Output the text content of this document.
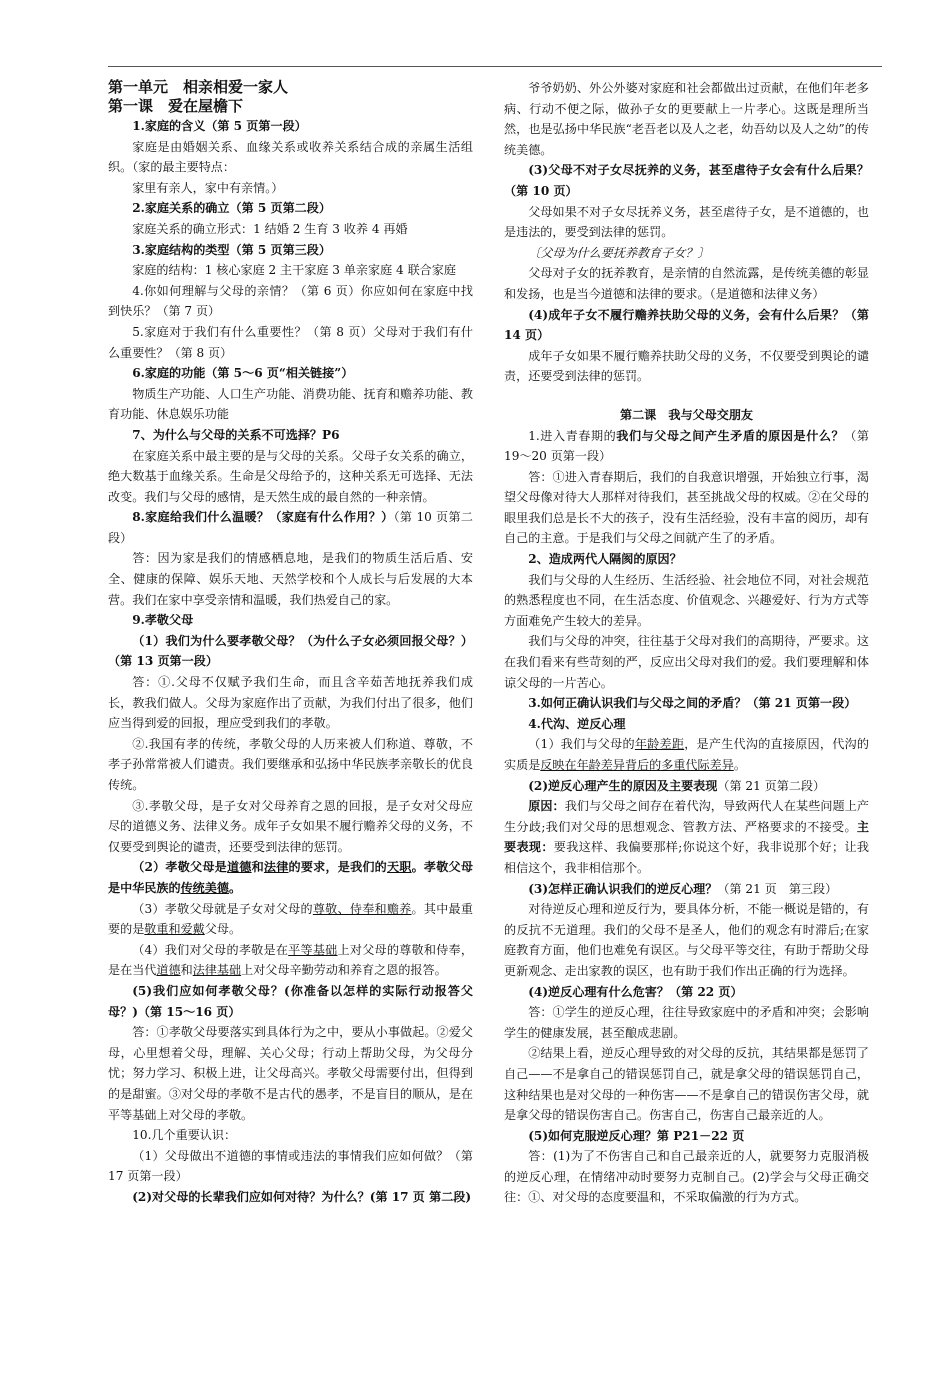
第一单元　相亲相爱一家人

第一课　爱在屋檐下

1.家庭的含义（第 5 页第一段）

家庭是由婚姻关系、血缘关系或收养关系结合成的亲属生活组织。（家的最主要特点：

家里有亲人，家中有亲情。）

2.家庭关系的确立（第 5 页第二段）

家庭关系的确立形式：1 结婚 2 生育 3 收养 4 再婚

3.家庭结构的类型（第 5 页第三段）

家庭的结构：1 核心家庭 2 主干家庭 3 单亲家庭 4 联合家庭

4.你如何理解与父母的亲情？（第 6 页）你应如何在家庭中找到快乐？（第 7 页）

5.家庭对于我们有什么重要性？（第 8 页）父母对于我们有什么重要性？（第 8 页）

6.家庭的功能（第 5～6 页“相关链接”）

物质生产功能、人口生产功能、消费功能、抚育和赡养功能、教育功能、休息娱乐功能

7、为什么与父母的关系不可选择？P6

在家庭关系中最主要的是与父母的关系。父母子女关系的确立，绝大数基于血缘关系。生命是父母给予的，这种关系无可选择、无法改变。我们与父母的感情，是天然生成的最自然的一种亲情。

8.家庭给我们什么温暖？（家庭有什么作用？）（第 10 页第二段）

答：因为家是我们的情感栖息地，是我们的物质生活后盾、安全、健康的保障、娱乐天地、天然学校和个人成长与后发展的大本营。我们在家中享受亲情和温暖，我们热爱自己的家。

9.孝敬父母

（1）我们为什么要孝敬父母？（为什么子女必须回报父母？）（第 13 页第一段）

答：①.父母不仅赋予我们生命，而且含辛茹苦地抚养我们成长，教我们做人。父母为家庭作出了贡献，为我们付出了很多，他们应当得到爱的回报，理应受到我们的孝敬。

②.我国有孝的传统，孝敬父母的人历来被人们称道、尊敬，不孝子孙常常被人们谴责。我们要继承和弘扬中华民族孝亲敬长的优良传统。

③.孝敬父母，是子女对父母养育之恩的回报，是子女对父母应尽的道德义务、法律义务。成年子女如果不履行赡养父母的义务，不仅要受到舆论的谴责，还要受到法律的惩罚。

（2）孝敬父母是道德和法律的要求，是我们的天职。孝敬父母是中华民族的传统美德。

（3）孝敬父母就是子女对父母的尊敬、侍奉和赡养。其中最重要的是敬重和爱戴父母。

（4）我们对父母的孝敬是在平等基础上对父母的尊敬和侍奉，是在当代道德和法律基础上对父母辛勤劳动和养育之恩的报答。

(5)我们应如何孝敬父母？(你准备以怎样的实际行动报答父母？)（第 15～16 页）

答：①孝敬父母要落实到具体行为之中，要从小事做起。②爱父母，心里想着父母，理解、关心父母；行动上帮助父母，为父母分忧；努力学习、积极上进，让父母高兴。孝敬父母需要付出，但得到的是甜蜜。③对父母的孝敬不是古代的愚孝，不是盲目的顺从，是在平等基础上对父母的孝敬。

10.几个重要认识：

（1）父母做出不道德的事情或违法的事情我们应如何做？（第 17 页第一段）

(2)对父母的长辈我们应如何对待？为什么？(第 17 页 第二段)

爷爷奶奶、外公外婆对家庭和社会都做出过贡献，在他们年老多病、行动不便之际，做孙子女的更要献上一片孝心。这既是理所当然，也是弘扬中华民族“老吾老以及人之老，幼吾幼以及人之幼”的传统美德。

(3)父母不对子女尽抚养的义务，甚至虐待子女会有什么后果？（第 10 页）

父母如果不对子女尽抚养义务，甚至虐待子女，是不道德的，也是违法的，要受到法律的惩罚。

〔父母为什么要抚养教育子女？〕

父母对子女的抚养教育，是亲情的自然流露，是传统美德的彰显和发扬，也是当今道德和法律的要求。（是道德和法律义务）

(4)成年子女不履行赡养扶助父母的义务，会有什么后果？（第 14 页）

成年子女如果不履行赡养扶助父母的义务，不仅要受到舆论的谴责，还要受到法律的惩罚。

第二课　我与父母交朋友

1.进入青春期的我们与父母之间产生矛盾的原因是什么？（第 19～20 页第一段）

答：①进入青春期后，我们的自我意识增强，开始独立行事，渴望父母像对待大人那样对待我们，甚至挑战父母的权威。②在父母的眼里我们总是长不大的孩子，没有生活经验，没有丰富的阅历，却有自己的主意。于是我们与父母之间就产生了的矛盾。

2、造成两代人隔阂的原因？

我们与父母的人生经历、生活经验、社会地位不同，对社会规范的熟悉程度也不同，在生活态度、价值观念、兴趣爱好、行为方式等方面难免产生较大的差异。

我们与父母的冲突，往往基于父母对我们的高期待，严要求。这在我们看来有些苛刻的严，反应出父母对我们的爱。我们要理解和体谅父母的一片苦心。

3.如何正确认识我们与父母之间的矛盾？（第 21 页第一段）

4.代沟、逆反心理

（1）我们与父母的年龄差距，是产生代沟的直接原因，代沟的实质是反映在年龄差异背后的多重代际差异。

(2)逆反心理产生的原因及主要表现（第 21 页第二段）

原因：我们与父母之间存在着代沟，导致两代人在某些问题上产生分歧;我们对父母的思想观念、管教方法、严格要求的不接受。主要表现：要我这样、我偏要那样;你说这个好，我非说那个好；让我相信这个，我非相信那个。

(3)怎样正确认识我们的逆反心理？（第 21 页　第三段）

对待逆反心理和逆反行为，要具体分析，不能一概说是错的，有的反抗不无道理。我们的父母不是圣人，他们的观念有时滞后;在家庭教育方面，他们也难免有误区。与父母平等交往，有助于帮助父母更新观念、走出家教的误区，也有助于我们作出正确的行为选择。

(4)逆反心理有什么危害？（第 22 页）

答：①学生的逆反心理，往往导致家庭中的矛盾和冲突；会影响学生的健康发展，甚至酿成悲剧。

②结果上看，逆反心理导致的对父母的反抗，其结果都是惩罚了自己——不是拿自己的错误惩罚自己，就是拿父母的错误惩罚自己，这种结果也是对父母的一种伤害——不是拿自己的错误伤害父母，就是拿父母的错误伤害自己。伤害自己，伤害自己最亲近的人。

(5)如何克服逆反心理？第 P21－22 页

答：(1)为了不伤害自己和自己最亲近的人，就要努力克服消极的逆反心理，在情绪冲动时要努力克制自己。(2)学会与父母正确交往：①、对父母的态度要温和，不采取偏激的行为方式。
